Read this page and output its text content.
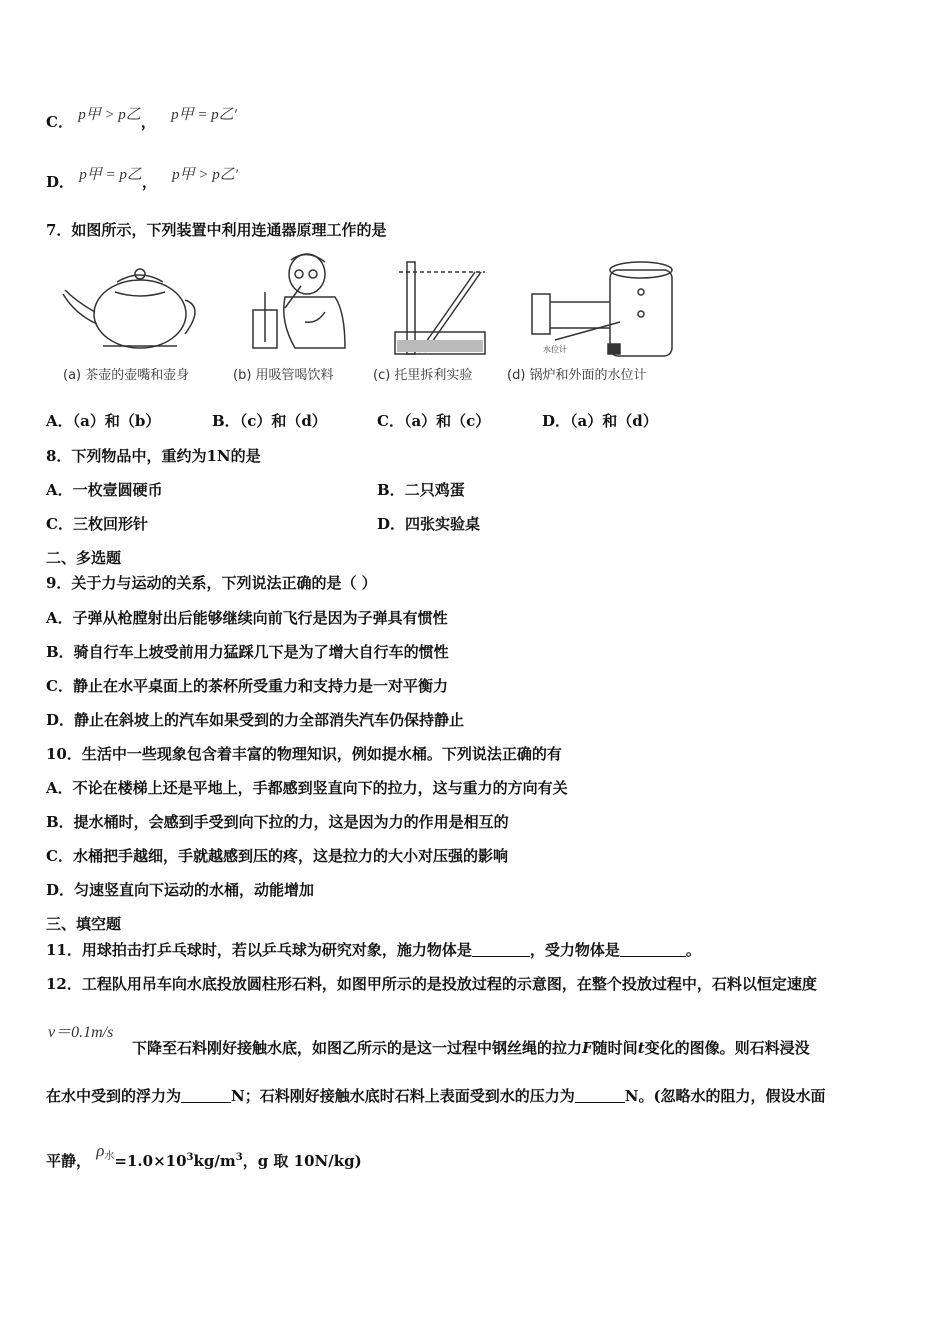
C． p甲 > p乙， p甲 = p乙′
D． p甲 = p乙， p甲 > p乙′
7．如图所示，下列装置中利用连通器原理工作的是
水位计
(a) 茶壶的壶嘴和壶身	(b) 用吸管喝饮料	(c) 托里拆利实验	(d) 锅炉和外面的水位计
A．（a）和（b）	B．（c）和（d）	C．（a）和（c）	D．（a）和（d）
8．下列物品中，重约为1N的是
A．一枚壹圆硬币	B．二只鸡蛋
C．三枚回形针	D．四张实验桌
二、多选题
9．关于力与运动的关系，下列说法正确的是（ ）
A．子弹从枪膛射出后能够继续向前飞行是因为子弹具有惯性
B．骑自行车上坡受前用力猛踩几下是为了增大自行车的惯性
C．静止在水平桌面上的茶杯所受重力和支持力是一对平衡力
D．静止在斜坡上的汽车如果受到的力全部消失汽车仍保持静止
10．生活中一些现象包含着丰富的物理知识，例如提水桶。下列说法正确的有
A．不论在楼梯上还是平地上，手都感到竖直向下的拉力，这与重力的方向有关
B．提水桶时，会感到手受到向下拉的力，这是因为力的作用是相互的
C．水桶把手越细，手就越感到压的疼，这是拉力的大小对压强的影响
D．匀速竖直向下运动的水桶，动能增加
三、填空题
11．用球拍击打乒乓球时，若以乒乓球为研究对象，施力物体是	，受力物体是	。
12．工程队用吊车向水底投放圆柱形石料，如图甲所示的是投放过程的示意图，在整个投放过程中，石料以恒定速度
v＝0.1m/s
下降至石料刚好接触水底，如图乙所示的是这一过程中钢丝绳的拉力F随时间t变化的图像。则石料浸没
在水中受到的浮力为	N；石料刚好接触水底时石料上表面受到水的压力为	N。(忽略水的阻力，假设水面
平静， $\rho_水=1.0\times 10^3kg/m^3$，g 取 10N/kg)
